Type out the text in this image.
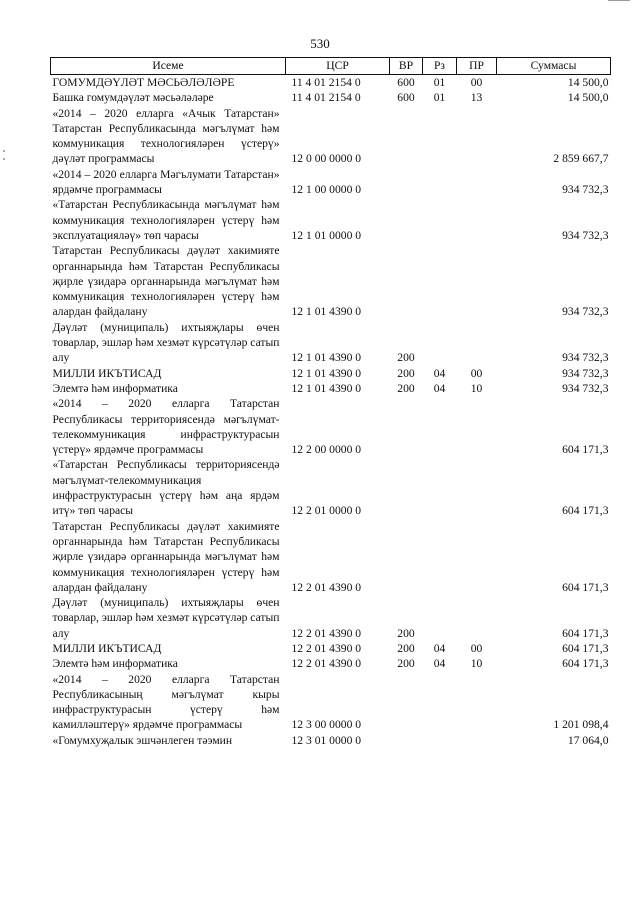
530
Исеме	ЦСР	ВР	Рз	ПР	Суммасы
ГОМУМДӘҮЛӘТ МӘСЬӘЛӘЛӘРЕ	11 4 01 2154 0	600	01	00	14 500,0
Башка гомумдәүләт мәсьәләләре	11 4 01 2154 0	600	01	13	14 500,0
«2014 – 2020 елларга «Ачык Татарстан» Татарстан Республикасында мәгълүмат һәм коммуникация технологияләрен үстерү» дәүләт программасы	12 0 00 0000 0				2 859 667,7
«2014 – 2020 елларга Мәгълумати Татарстан» ярдәмче программасы	12 1 00 0000 0				934 732,3
«Татарстан Республикасында мәгълүмат һәм коммуникация технологияләрен үстерү һәм эксплуатацияләү» төп чарасы	12 1 01 0000 0				934 732,3
Татарстан Республикасы дәүләт хакимияте органнарында һәм Татарстан Республикасы җирле үзидарә органнарында мәгълүмат һәм коммуникация технологияләрен үстерү һәм алардан файдалану	12 1 01 4390 0				934 732,3
Дәүләт (муниципаль) ихтыяҗлары өчен товарлар, эшләр һәм хезмәт күрсәтүләр сатып алу	12 1 01 4390 0	200			934 732,3
МИЛЛИ ИКЪТИСАД	12 1 01 4390 0	200	04	00	934 732,3
Элемтә һәм информатика	12 1 01 4390 0	200	04	10	934 732,3
«2014 – 2020 елларга Татарстан Республикасы территориясендә мәгълүмат-телекоммуникация инфраструктурасын үстерү» ярдәмче программасы	12 2 00 0000 0				604 171,3
«Татарстан Республикасы территориясендә мәгълүмат-телекоммуникация инфраструктурасын үстерү һәм аңа ярдәм итү» төп чарасы	12 2 01 0000 0				604 171,3
Татарстан Республикасы дәүләт хакимияте органнарында һәм Татарстан Республикасы җирле үзидарә органнарында мәгълүмат һәм коммуникация технологияләрен үстерү һәм алардан файдалану	12 2 01 4390 0				604 171,3
Дәүләт (муниципаль) ихтыяҗлары өчен товарлар, эшләр һәм хезмәт күрсәтүләр сатып алу	12 2 01 4390 0	200			604 171,3
МИЛЛИ ИКЪТИСАД	12 2 01 4390 0	200	04	00	604 171,3
Элемтә һәм информатика	12 2 01 4390 0	200	04	10	604 171,3
«2014 – 2020 елларга Татарстан Республикасының мәгълүмат кыры инфраструктурасын үстерү һәм камилләштерү» ярдәмче программасы	12 3 00 0000 0				1 201 098,4
«Гомумхуҗалык эшчәнлеген тәэмин	12 3 01 0000 0				17 064,0
